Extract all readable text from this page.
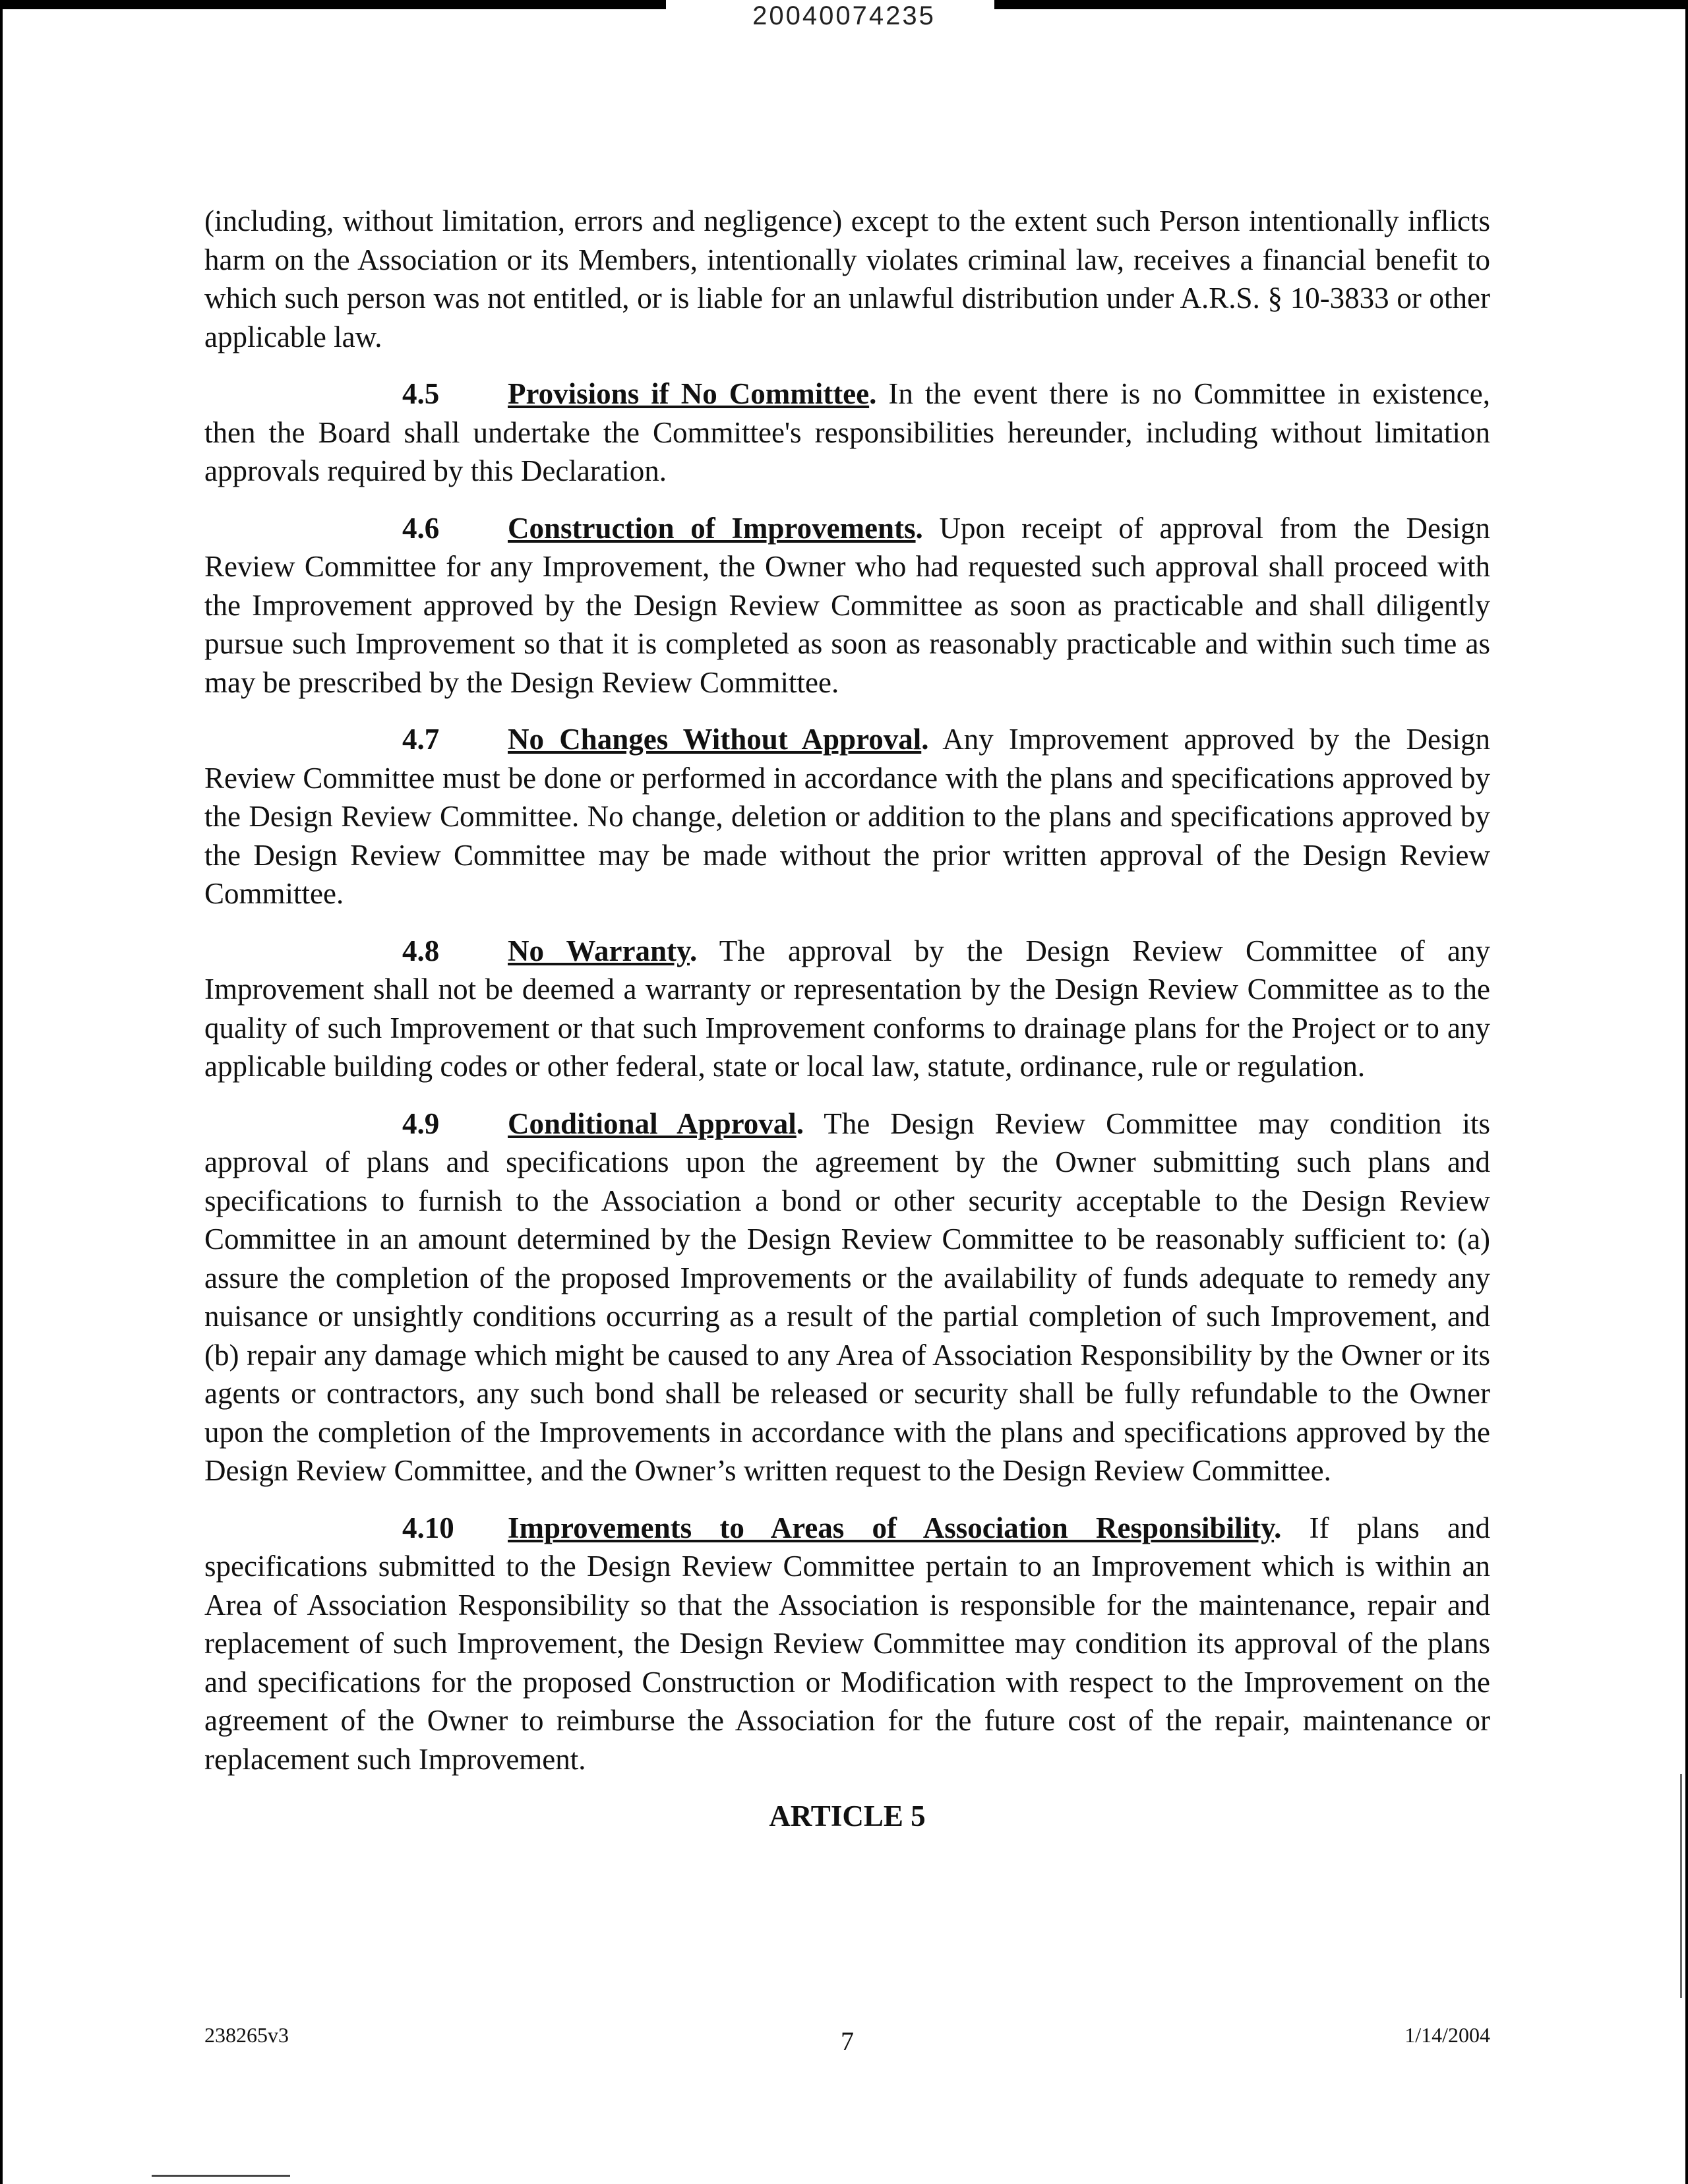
20040074235

(including, without limitation, errors and negligence) except to the extent such Person intentionally inflicts harm on the Association or its Members, intentionally violates criminal law, receives a financial benefit to which such person was not entitled, or is liable for an unlawful distribution under A.R.S. § 10-3833 or other applicable law.

4.5 Provisions if No Committee. In the event there is no Committee in existence, then the Board shall undertake the Committee's responsibilities hereunder, including without limitation approvals required by this Declaration.

4.6 Construction of Improvements. Upon receipt of approval from the Design Review Committee for any Improvement, the Owner who had requested such approval shall proceed with the Improvement approved by the Design Review Committee as soon as practicable and shall diligently pursue such Improvement so that it is completed as soon as reasonably practicable and within such time as may be prescribed by the Design Review Committee.

4.7 No Changes Without Approval. Any Improvement approved by the Design Review Committee must be done or performed in accordance with the plans and specifications approved by the Design Review Committee. No change, deletion or addition to the plans and specifications approved by the Design Review Committee may be made without the prior written approval of the Design Review Committee.

4.8 No Warranty. The approval by the Design Review Committee of any Improvement shall not be deemed a warranty or representation by the Design Review Committee as to the quality of such Improvement or that such Improvement conforms to drainage plans for the Project or to any applicable building codes or other federal, state or local law, statute, ordinance, rule or regulation.

4.9 Conditional Approval. The Design Review Committee may condition its approval of plans and specifications upon the agreement by the Owner submitting such plans and specifications to furnish to the Association a bond or other security acceptable to the Design Review Committee in an amount determined by the Design Review Committee to be reasonably sufficient to: (a) assure the completion of the proposed Improvements or the availability of funds adequate to remedy any nuisance or unsightly conditions occurring as a result of the partial completion of such Improvement, and (b) repair any damage which might be caused to any Area of Association Responsibility by the Owner or its agents or contractors, any such bond shall be released or security shall be fully refundable to the Owner upon the completion of the Improvements in accordance with the plans and specifications approved by the Design Review Committee, and the Owner’s written request to the Design Review Committee.

4.10 Improvements to Areas of Association Responsibility. If plans and specifications submitted to the Design Review Committee pertain to an Improvement which is within an Area of Association Responsibility so that the Association is responsible for the maintenance, repair and replacement of such Improvement, the Design Review Committee may condition its approval of the plans and specifications for the proposed Construction or Modification with respect to the Improvement on the agreement of the Owner to reimburse the Association for the future cost of the repair, maintenance or replacement such Improvement.

ARTICLE 5
238265v3	7	1/14/2004
